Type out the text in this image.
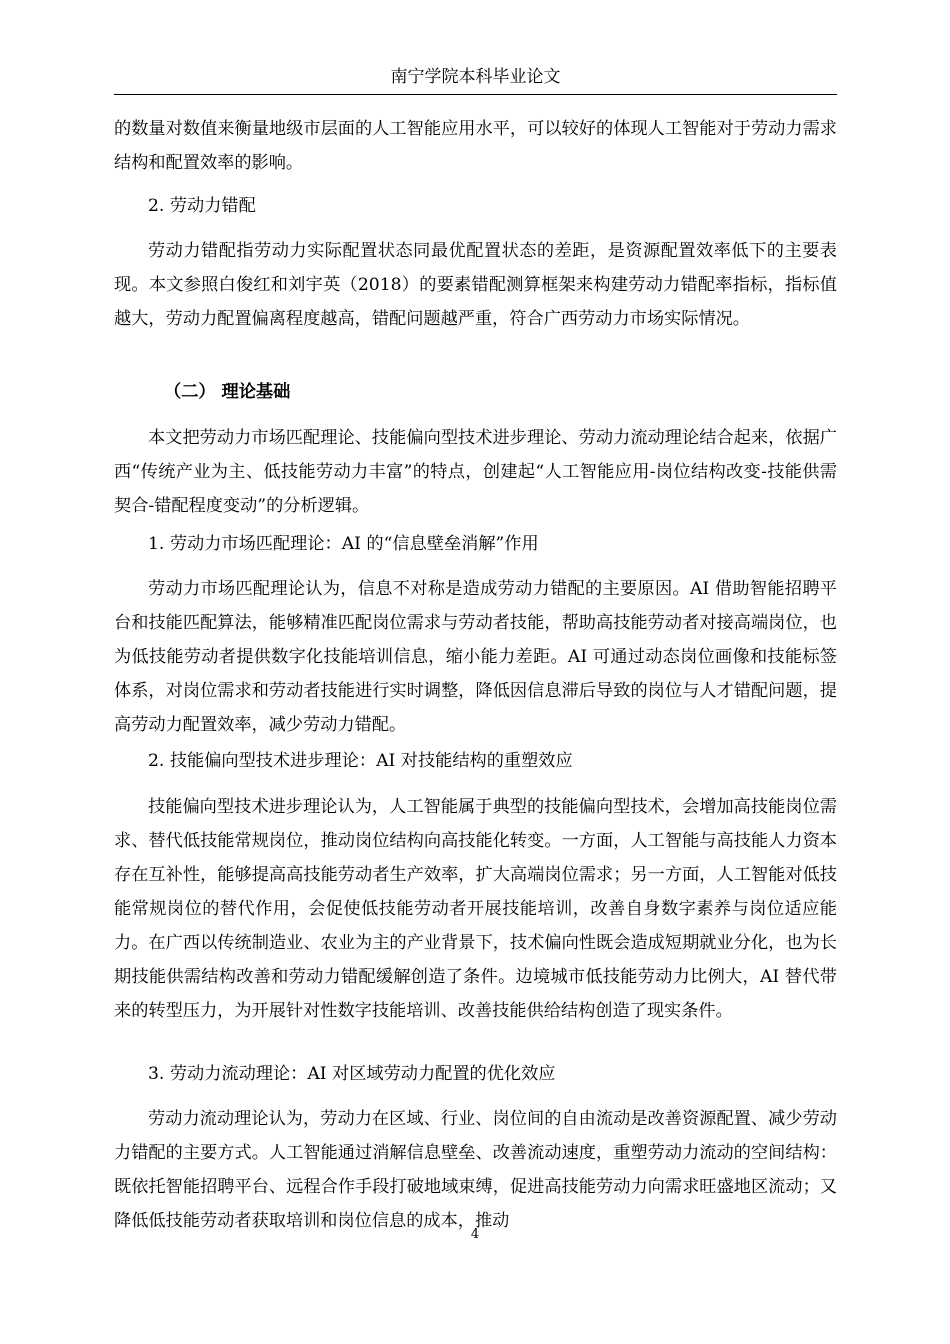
南宁学院本科毕业论文

的数量对数值来衡量地级市层面的人工智能应用水平，可以较好的体现人工智能对于劳动力需求结构和配置效率的影响。

2. 劳动力错配

劳动力错配指劳动力实际配置状态同最优配置状态的差距，是资源配置效率低下的主要表现。本文参照白俊红和刘宇英（2018）的要素错配测算框架来构建劳动力错配率指标，指标值越大，劳动力配置偏离程度越高，错配问题越严重，符合广西劳动力市场实际情况。

（二） 理论基础

本文把劳动力市场匹配理论、技能偏向型技术进步理论、劳动力流动理论结合起来，依据广西“传统产业为主、低技能劳动力丰富”的特点，创建起“人工智能应用-岗位结构改变-技能供需契合-错配程度变动”的分析逻辑。

1. 劳动力市场匹配理论：AI 的“信息壁垒消解”作用

劳动力市场匹配理论认为，信息不对称是造成劳动力错配的主要原因。AI 借助智能招聘平台和技能匹配算法，能够精准匹配岗位需求与劳动者技能，帮助高技能劳动者对接高端岗位，也为低技能劳动者提供数字化技能培训信息，缩小能力差距。AI 可通过动态岗位画像和技能标签体系，对岗位需求和劳动者技能进行实时调整，降低因信息滞后导致的岗位与人才错配问题，提高劳动力配置效率，减少劳动力错配。

2. 技能偏向型技术进步理论：AI 对技能结构的重塑效应

技能偏向型技术进步理论认为，人工智能属于典型的技能偏向型技术，会增加高技能岗位需求、替代低技能常规岗位，推动岗位结构向高技能化转变。一方面，人工智能与高技能人力资本存在互补性，能够提高高技能劳动者生产效率，扩大高端岗位需求；另一方面，人工智能对低技能常规岗位的替代作用，会促使低技能劳动者开展技能培训，改善自身数字素养与岗位适应能力。在广西以传统制造业、农业为主的产业背景下，技术偏向性既会造成短期就业分化，也为长期技能供需结构改善和劳动力错配缓解创造了条件。边境城市低技能劳动力比例大，AI 替代带来的转型压力，为开展针对性数字技能培训、改善技能供给结构创造了现实条件。

3. 劳动力流动理论：AI 对区域劳动力配置的优化效应

劳动力流动理论认为，劳动力在区域、行业、岗位间的自由流动是改善资源配置、减少劳动力错配的主要方式。人工智能通过消解信息壁垒、改善流动速度，重塑劳动力流动的空间结构：既依托智能招聘平台、远程合作手段打破地域束缚，促进高技能劳动力向需求旺盛地区流动；又降低低技能劳动者获取培训和岗位信息的成本，推动

4
